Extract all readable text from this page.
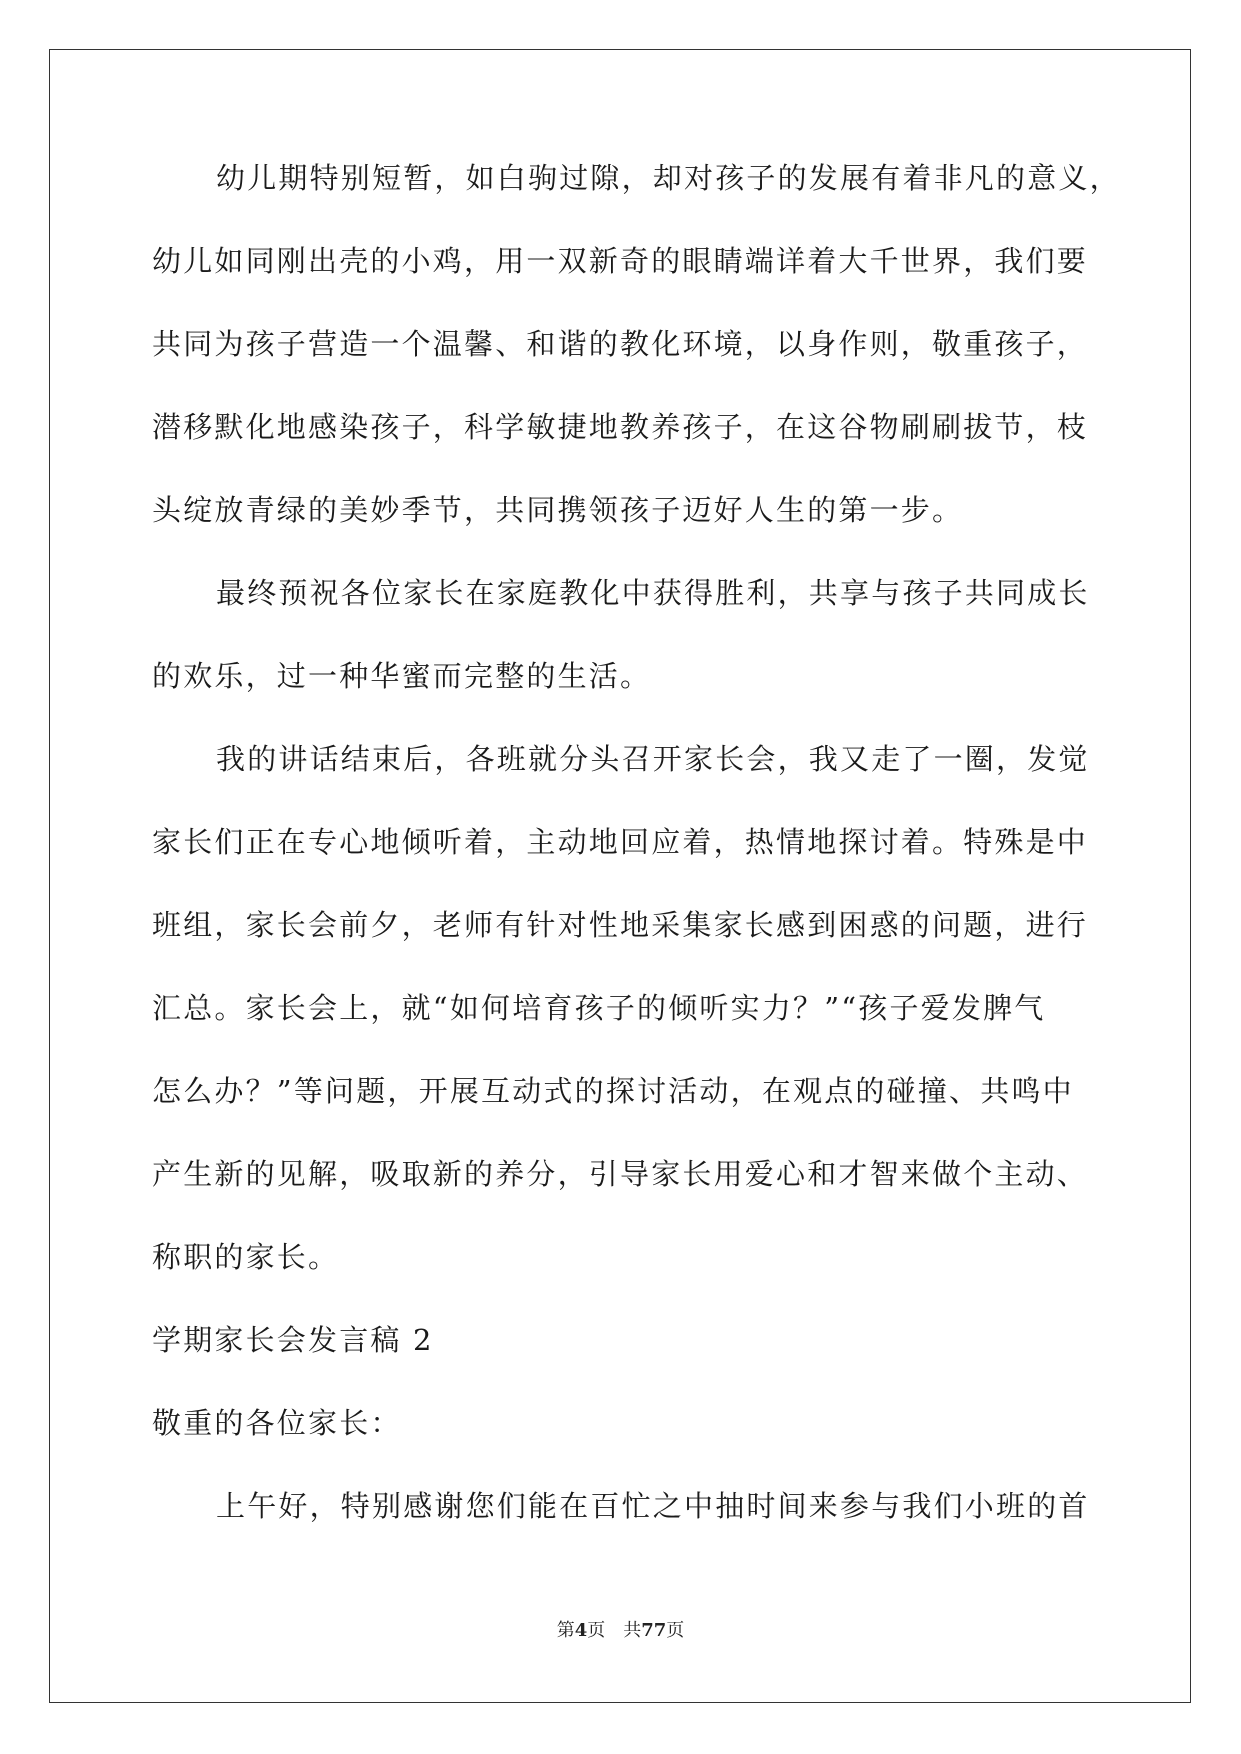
幼儿期特别短暂，如白驹过隙，却对孩子的发展有着非凡的意义，

幼儿如同刚出壳的小鸡，用一双新奇的眼睛端详着大千世界，我们要

共同为孩子营造一个温馨、和谐的教化环境，以身作则，敬重孩子，

潜移默化地感染孩子，科学敏捷地教养孩子，在这谷物刷刷拔节，枝

头绽放青绿的美妙季节，共同携领孩子迈好人生的第一步。

最终预祝各位家长在家庭教化中获得胜利，共享与孩子共同成长

的欢乐，过一种华蜜而完整的生活。

我的讲话结束后，各班就分头召开家长会，我又走了一圈，发觉

家长们正在专心地倾听着，主动地回应着，热情地探讨着。特殊是中

班组，家长会前夕，老师有针对性地采集家长感到困惑的问题，进行

汇总。家长会上，就“如何培育孩子的倾听实力？”“孩子爱发脾气

怎么办？”等问题，开展互动式的探讨活动，在观点的碰撞、共鸣中

产生新的见解，吸取新的养分，引导家长用爱心和才智来做个主动、

称职的家长。

学期家长会发言稿 2

敬重的各位家长：

上午好，特别感谢您们能在百忙之中抽时间来参与我们小班的首

第4页　共77页
